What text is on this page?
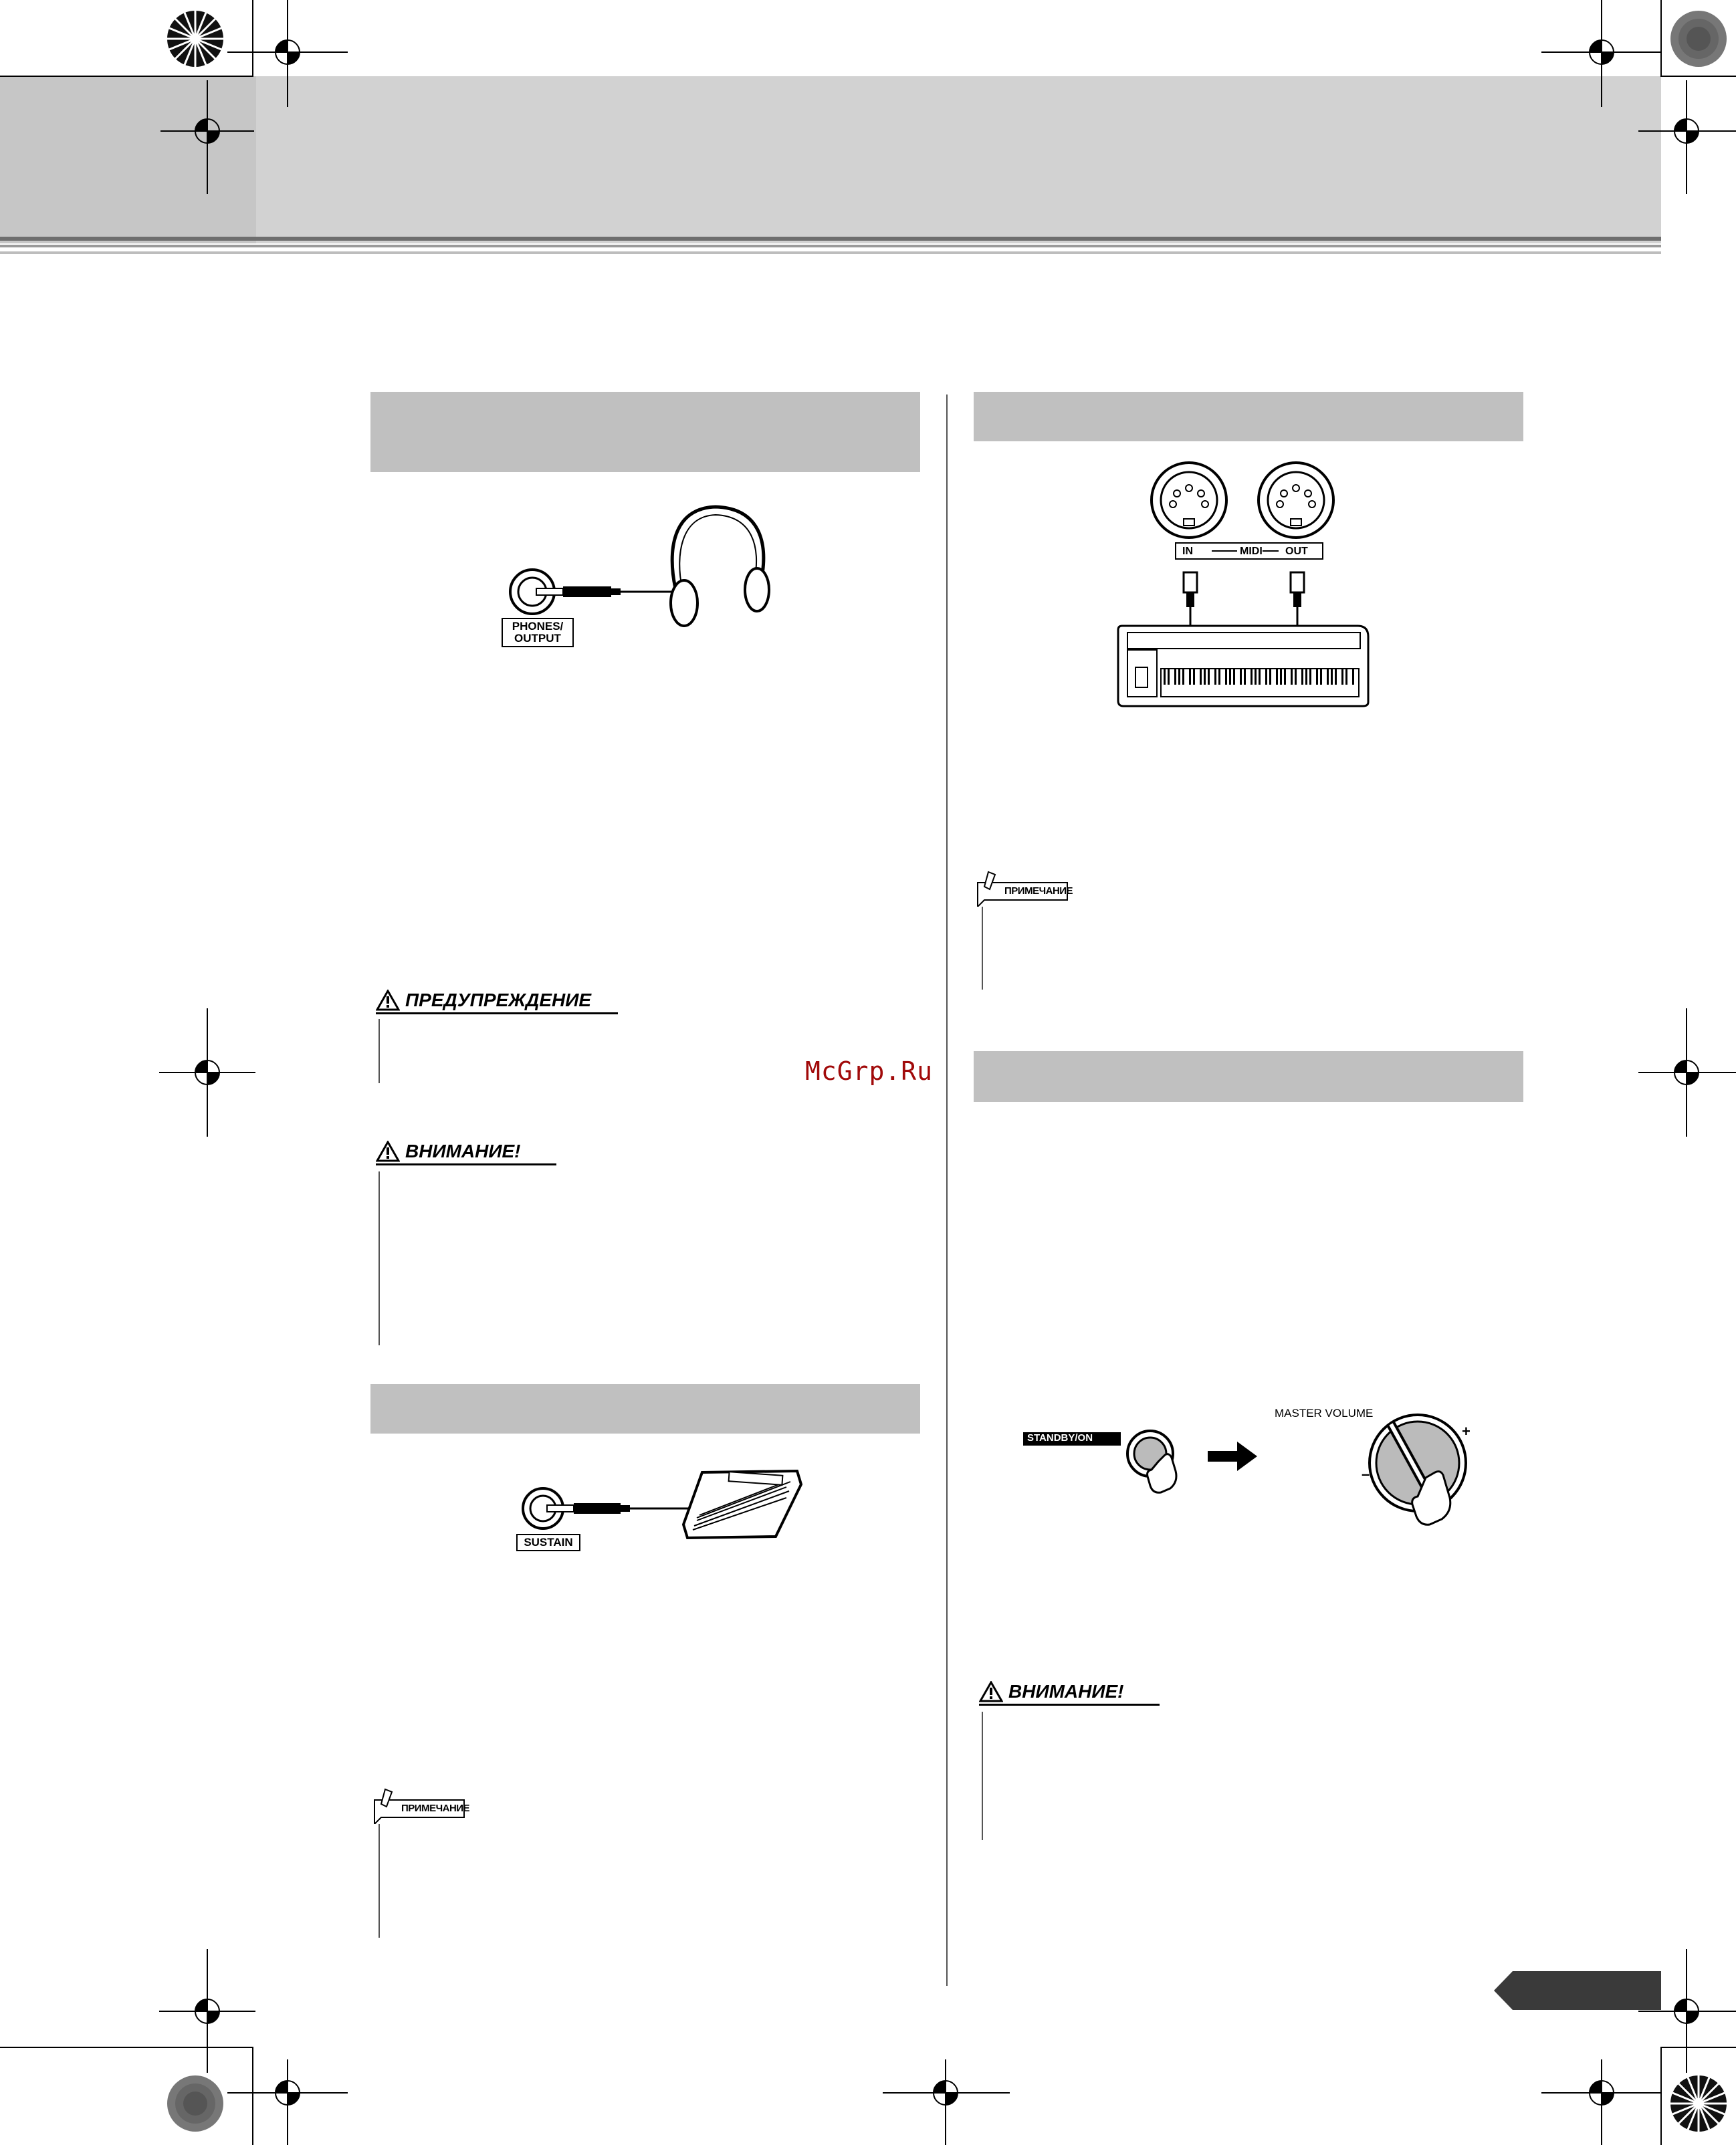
PHONES/
OUTPUT
ПРЕДУПРЕЖДЕНИЕ
McGrp.Ru
ВНИМАНИЕ!
SUSTAIN
ПРИМЕЧАНИЕ
IN	MIDI OUT
ПРИМЕЧАНИЕ
STANDBY/ON
MASTER VOLUME
+
–
ВНИМАНИЕ!
